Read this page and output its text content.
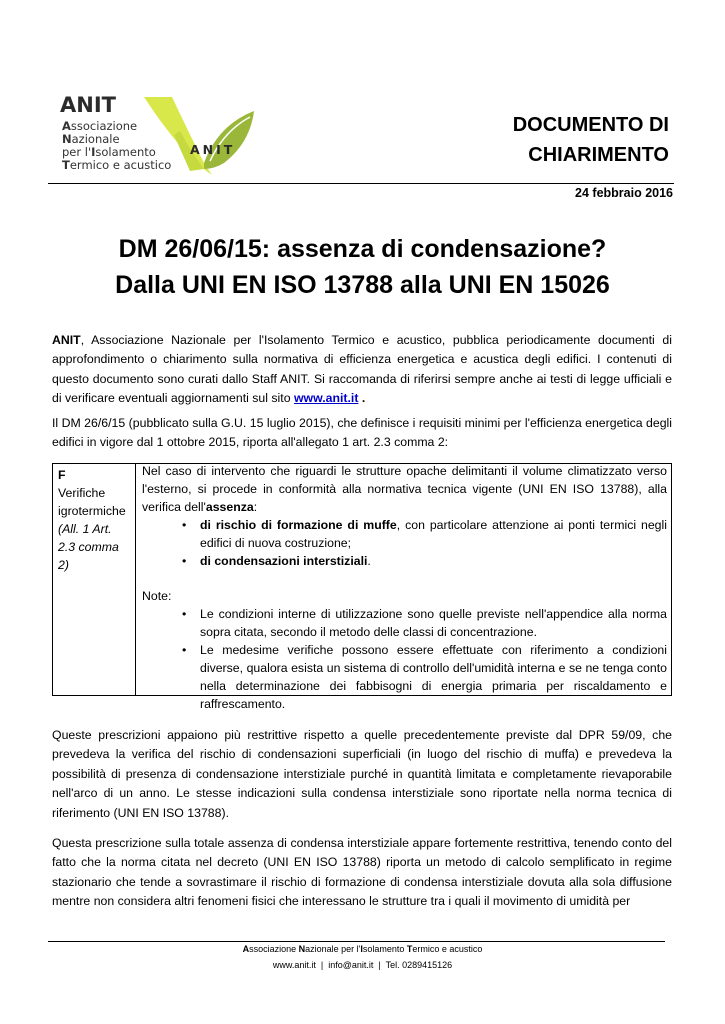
ANIT
Associazione
Nazionale
per l'Isolamento
Termico e acustico
ANIT
DOCUMENTO DI
CHIARIMENTO
24 febbraio 2016
DM 26/06/15: assenza di condensazione?
Dalla UNI EN ISO 13788 alla UNI EN 15026
ANIT, Associazione Nazionale per l'Isolamento Termico e acustico, pubblica periodicamente documenti di approfondimento o chiarimento sulla normativa di efficienza energetica e acustica degli edifici. I contenuti di questo documento sono curati dallo Staff ANIT. Si raccomanda di riferirsi sempre anche ai testi di legge ufficiali e di verificare eventuali aggiornamenti sul sito www.anit.it .
Il DM 26/6/15 (pubblicato sulla G.U. 15 luglio 2015), che definisce i requisiti minimi per l'efficienza energetica degli edifici in vigore dal 1 ottobre 2015, riporta all'allegato 1 art. 2.3 comma 2:
F
Verifiche
igrotermiche
(All. 1 Art.
2.3 comma
2)
Nel caso di intervento che riguardi le strutture opache delimitanti il volume climatizzato verso l'esterno, si procede in conformità alla normativa tecnica vigente (UNI EN ISO 13788), alla verifica dell'assenza:
• di rischio di formazione di muffe, con particolare attenzione ai ponti termici negli edifici di nuova costruzione;
• di condensazioni interstiziali.
Note:
• Le condizioni interne di utilizzazione sono quelle previste nell'appendice alla norma sopra citata, secondo il metodo delle classi di concentrazione.
• Le medesime verifiche possono essere effettuate con riferimento a condizioni diverse, qualora esista un sistema di controllo dell'umidità interna e se ne tenga conto nella determinazione dei fabbisogni di energia primaria per riscaldamento e raffrescamento.
Queste prescrizioni appaiono più restrittive rispetto a quelle precedentemente previste dal DPR 59/09, che prevedeva la verifica del rischio di condensazioni superficiali (in luogo del rischio di muffa) e prevedeva la possibilità di presenza di condensazione interstiziale purché in quantità limitata e completamente rievaporabile nell'arco di un anno. Le stesse indicazioni sulla condensa interstiziale sono riportate nella norma tecnica di riferimento (UNI EN ISO 13788).
Questa prescrizione sulla totale assenza di condensa interstiziale appare fortemente restrittiva, tenendo conto del fatto che la norma citata nel decreto (UNI EN ISO 13788) riporta un metodo di calcolo semplificato in regime stazionario che tende a sovrastimare il rischio di formazione di condensa interstiziale dovuta alla sola diffusione mentre non considera altri fenomeni fisici che interessano le strutture tra i quali il movimento di umidità per
Associazione Nazionale per l'Isolamento Termico e acustico
www.anit.it  |  info@anit.it  |  Tel. 0289415126
